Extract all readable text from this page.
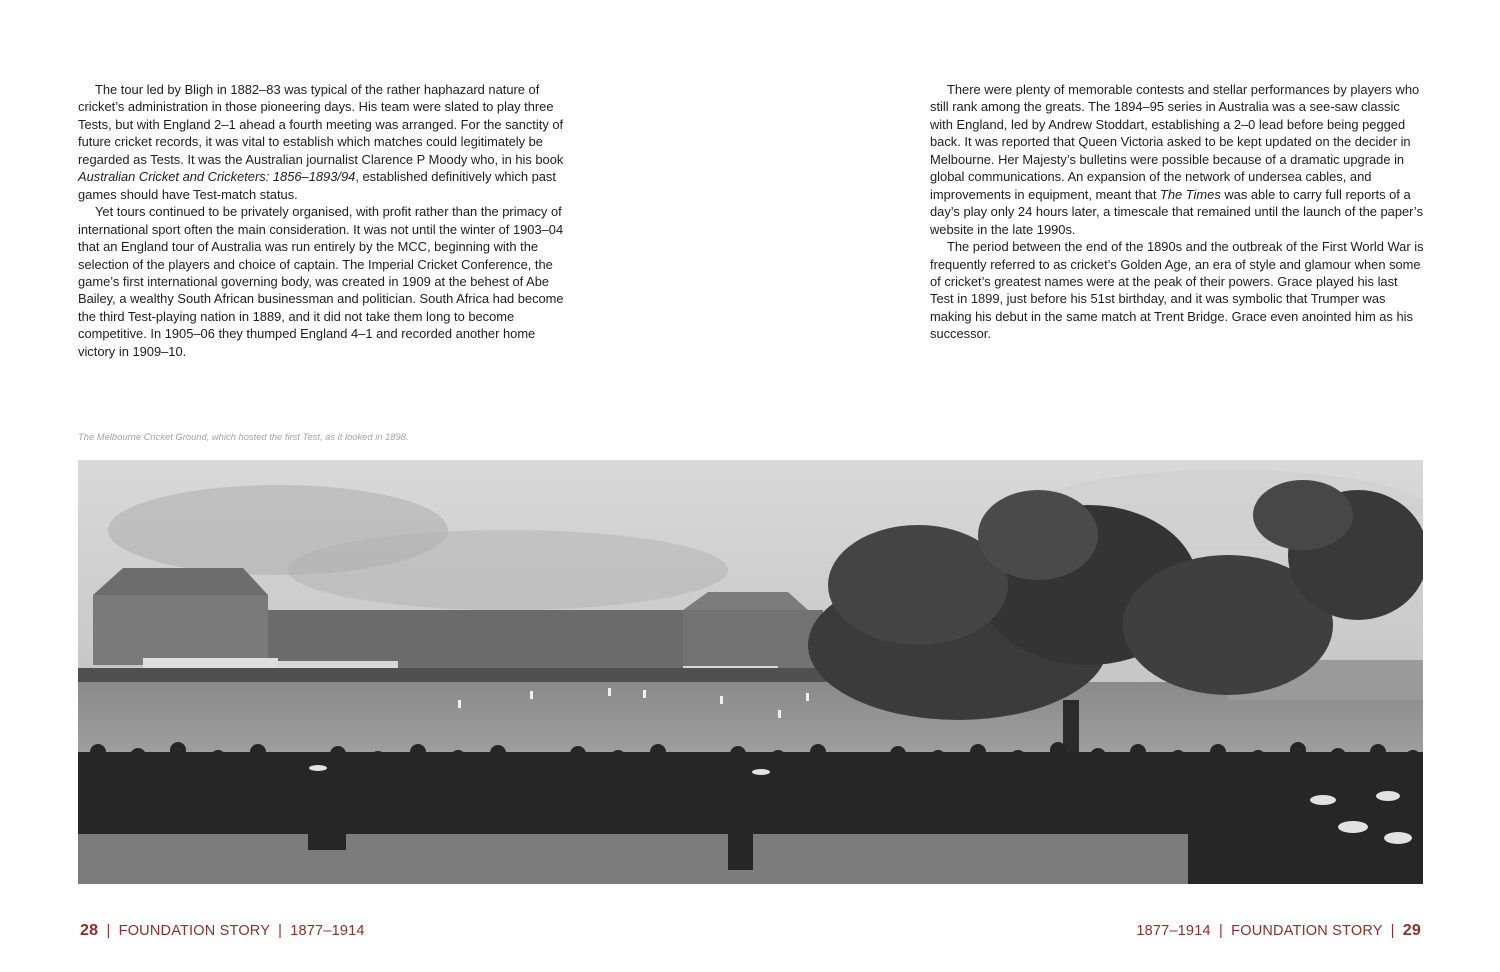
The tour led by Bligh in 1882–83 was typical of the rather haphazard nature of cricket’s administration in those pioneering days. His team were slated to play three Tests, but with England 2–1 ahead a fourth meeting was arranged. For the sanctity of future cricket records, it was vital to establish which matches could legitimately be regarded as Tests. It was the Australian journalist Clarence P Moody who, in his book Australian Cricket and Cricketers: 1856–1893/94, established definitively which past games should have Test-match status.

Yet tours continued to be privately organised, with profit rather than the primacy of international sport often the main consideration. It was not until the winter of 1903–04 that an England tour of Australia was run entirely by the MCC, beginning with the selection of the players and choice of captain. The Imperial Cricket Conference, the game’s first international governing body, was created in 1909 at the behest of Abe Bailey, a wealthy South African businessman and politician. South Africa had become the third Test-playing nation in 1889, and it did not take them long to become competitive. In 1905–06 they thumped England 4–1 and recorded another home victory in 1909–10.

There were plenty of memorable contests and stellar performances by players who still rank among the greats. The 1894–95 series in Australia was a see-saw classic with England, led by Andrew Stoddart, establishing a 2–0 lead before being pegged back. It was reported that Queen Victoria asked to be kept updated on the decider in Melbourne. Her Majesty’s bulletins were possible because of a dramatic upgrade in global communications. An expansion of the network of undersea cables, and improvements in equipment, meant that The Times was able to carry full reports of a day’s play only 24 hours later, a timescale that remained until the launch of the paper’s website in the late 1990s.

The period between the end of the 1890s and the outbreak of the First World War is frequently referred to as cricket’s Golden Age, an era of style and glamour when some of cricket’s greatest names were at the peak of their powers. Grace played his last Test in 1899, just before his 51st birthday, and it was symbolic that Trumper was making his debut in the same match at Trent Bridge. Grace even anointed him as his successor.

The Melbourne Cricket Ground, which hosted the first Test, as it looked in 1898.
28 | FOUNDATION STORY | 1877–1914	1877–1914 | FOUNDATION STORY | 29
